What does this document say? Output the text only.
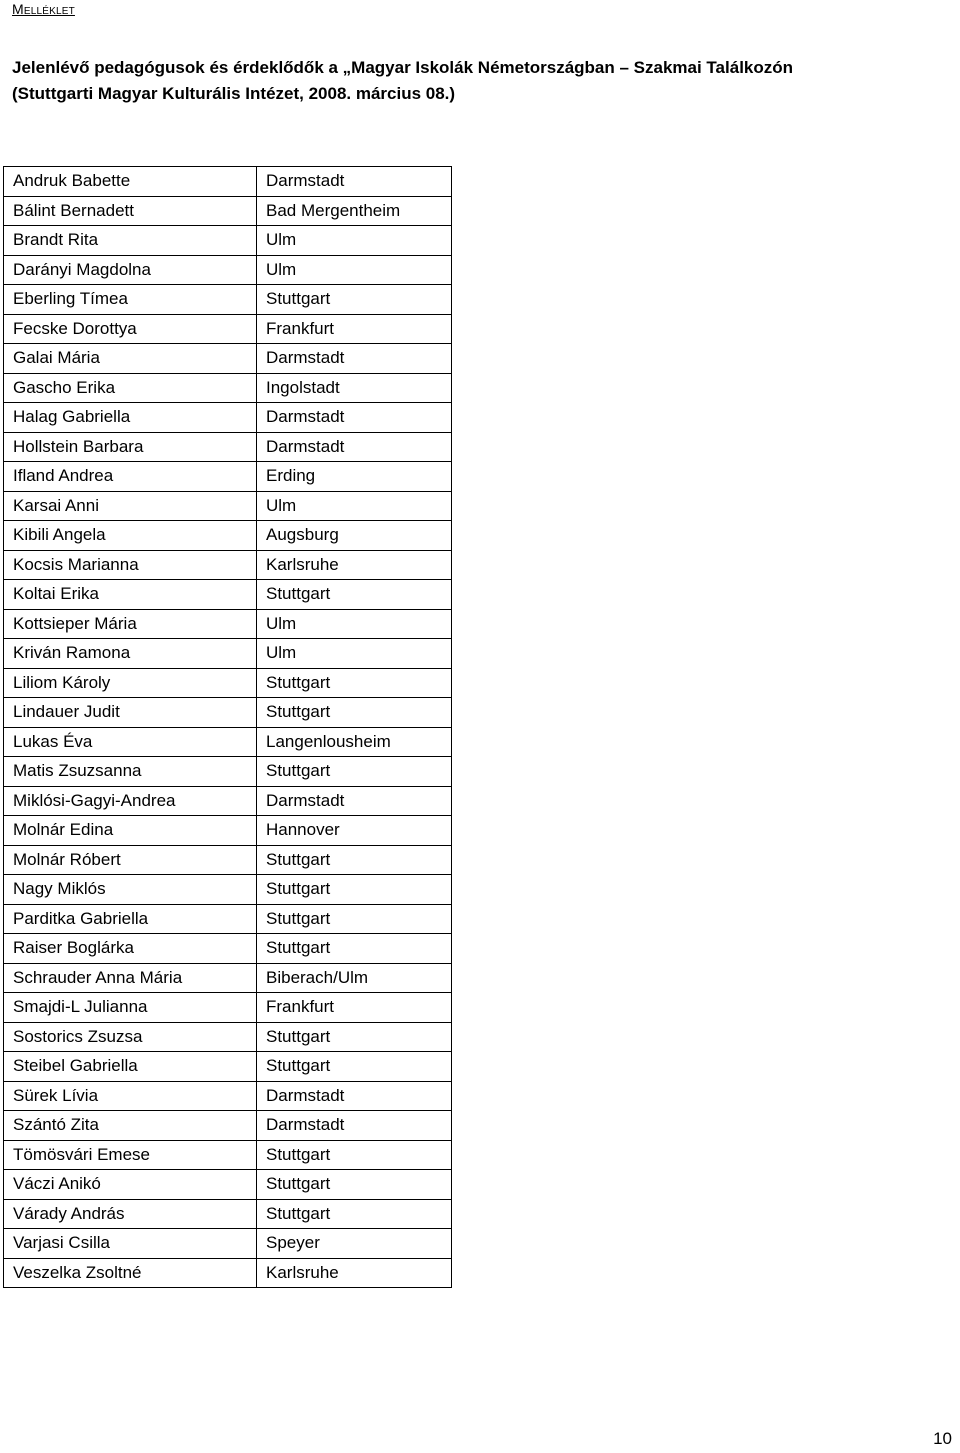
Melléklet
Jelenlévő pedagógusok és érdeklődők a „Magyar Iskolák Németországban – Szakmai Találkozón
(Stuttgarti Magyar Kulturális Intézet, 2008. március 08.)
Andruk Babette	Darmstadt
Bálint Bernadett	Bad Mergentheim
Brandt Rita	Ulm
Darányi Magdolna	Ulm
Eberling Tímea	Stuttgart
Fecske Dorottya	Frankfurt
Galai Mária	Darmstadt
Gascho Erika	Ingolstadt
Halag Gabriella	Darmstadt
Hollstein Barbara	Darmstadt
Ifland Andrea	Erding
Karsai Anni	Ulm
Kibili Angela	Augsburg
Kocsis Marianna	Karlsruhe
Koltai Erika	Stuttgart
Kottsieper Mária	Ulm
Kriván Ramona	Ulm
Liliom Károly	Stuttgart
Lindauer Judit	Stuttgart
Lukas Éva	Langenlousheim
Matis Zsuzsanna	Stuttgart
Miklósi-Gagyi-Andrea	Darmstadt
Molnár Edina	Hannover
Molnár Róbert	Stuttgart
Nagy Miklós	Stuttgart
Parditka Gabriella	Stuttgart
Raiser Boglárka	Stuttgart
Schrauder Anna Mária	Biberach/Ulm
Smajdi-L Julianna	Frankfurt
Sostorics Zsuzsa	Stuttgart
Steibel Gabriella	Stuttgart
Sürek Lívia	Darmstadt
Szántó Zita	Darmstadt
Tömösvári Emese	Stuttgart
Váczi Anikó	Stuttgart
Várady András	Stuttgart
Varjasi Csilla	Speyer
Veszelka Zsoltné	Karlsruhe
10
